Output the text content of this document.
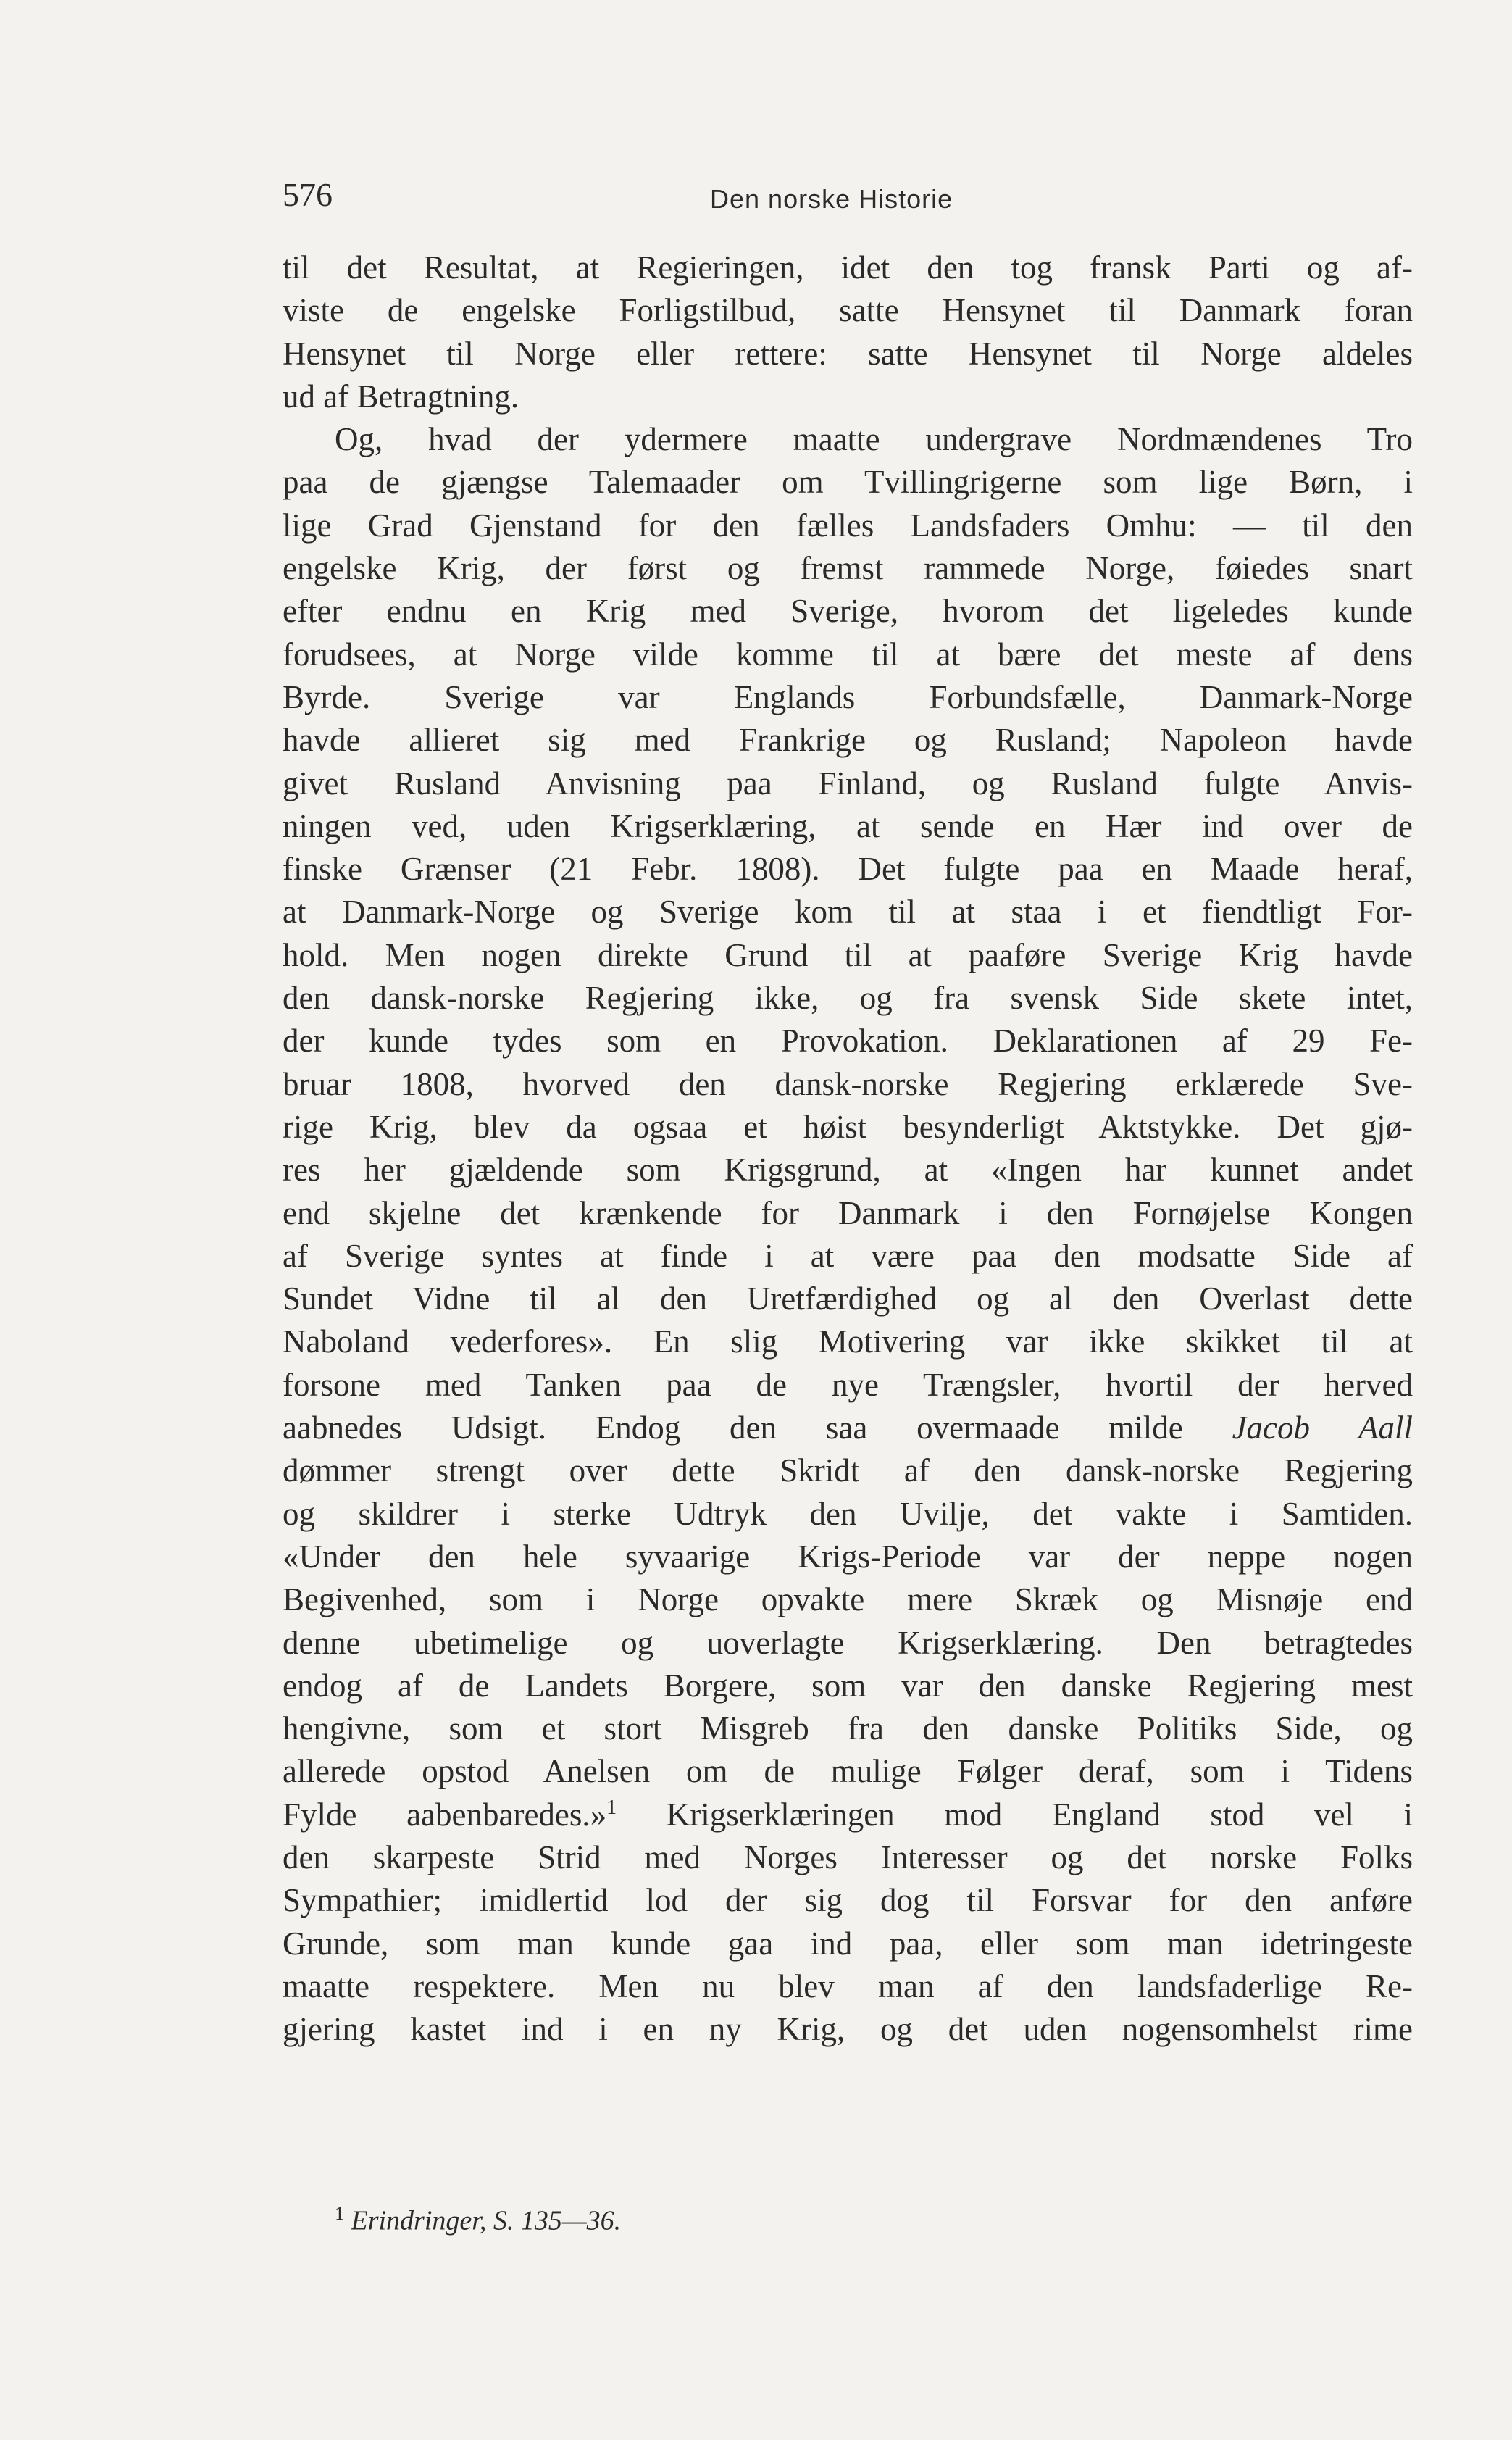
576	Den norske Historie
til det Resultat, at Regieringen, idet den tog fransk Parti og af-
viste de engelske Forligstilbud, satte Hensynet til Danmark foran
Hensynet til Norge eller rettere: satte Hensynet til Norge aldeles
ud af Betragtning.
Og, hvad der ydermere maatte undergrave Nordmændenes Tro
paa de gjængse Talemaader om Tvillingrigerne som lige Børn, i
lige Grad Gjenstand for den fælles Landsfaders Omhu: — til den
engelske Krig, der først og fremst rammede Norge, føiedes snart
efter endnu en Krig med Sverige, hvorom det ligeledes kunde
forudsees, at Norge vilde komme til at bære det meste af dens
Byrde. Sverige var Englands Forbundsfælle, Danmark-Norge
havde allieret sig med Frankrige og Rusland; Napoleon havde
givet Rusland Anvisning paa Finland, og Rusland fulgte Anvis-
ningen ved, uden Krigserklæring, at sende en Hær ind over de
finske Grænser (21 Febr. 1808). Det fulgte paa en Maade heraf,
at Danmark-Norge og Sverige kom til at staa i et fiendtligt For-
hold. Men nogen direkte Grund til at paaføre Sverige Krig havde
den dansk-norske Regjering ikke, og fra svensk Side skete intet,
der kunde tydes som en Provokation. Deklarationen af 29 Fe-
bruar 1808, hvorved den dansk-norske Regjering erklærede Sve-
rige Krig, blev da ogsaa et høist besynderligt Aktstykke. Det gjø-
res her gjældende som Krigsgrund, at «Ingen har kunnet andet
end skjelne det krænkende for Danmark i den Fornøjelse Kongen
af Sverige syntes at finde i at være paa den modsatte Side af
Sundet Vidne til al den Uretfærdighed og al den Overlast dette
Naboland vederfores». En slig Motivering var ikke skikket til at
forsone med Tanken paa de nye Trængsler, hvortil der herved
aabnedes Udsigt. Endog den saa overmaade milde Jacob Aall
dømmer strengt over dette Skridt af den dansk-norske Regjering
og skildrer i sterke Udtryk den Uvilje, det vakte i Samtiden.
«Under den hele syvaarige Krigs-Periode var der neppe nogen
Begivenhed, som i Norge opvakte mere Skræk og Misnøje end
denne ubetimelige og uoverlagte Krigserklæring. Den betragtedes
endog af de Landets Borgere, som var den danske Regjering mest
hengivne, som et stort Misgreb fra den danske Politiks Side, og
allerede opstod Anelsen om de mulige Følger deraf, som i Tidens
Fylde aabenbaredes.»$^1$ Krigserklæringen mod England stod vel i
den skarpeste Strid med Norges Interesser og det norske Folks
Sympathier; imidlertid lod der sig dog til Forsvar for den anføre
Grunde, som man kunde gaa ind paa, eller som man idetringeste
maatte respektere. Men nu blev man af den landsfaderlige Re-
gjering kastet ind i en ny Krig, og det uden nogensomhelst rime
$^1$ Erindringer, S. 135—36.
